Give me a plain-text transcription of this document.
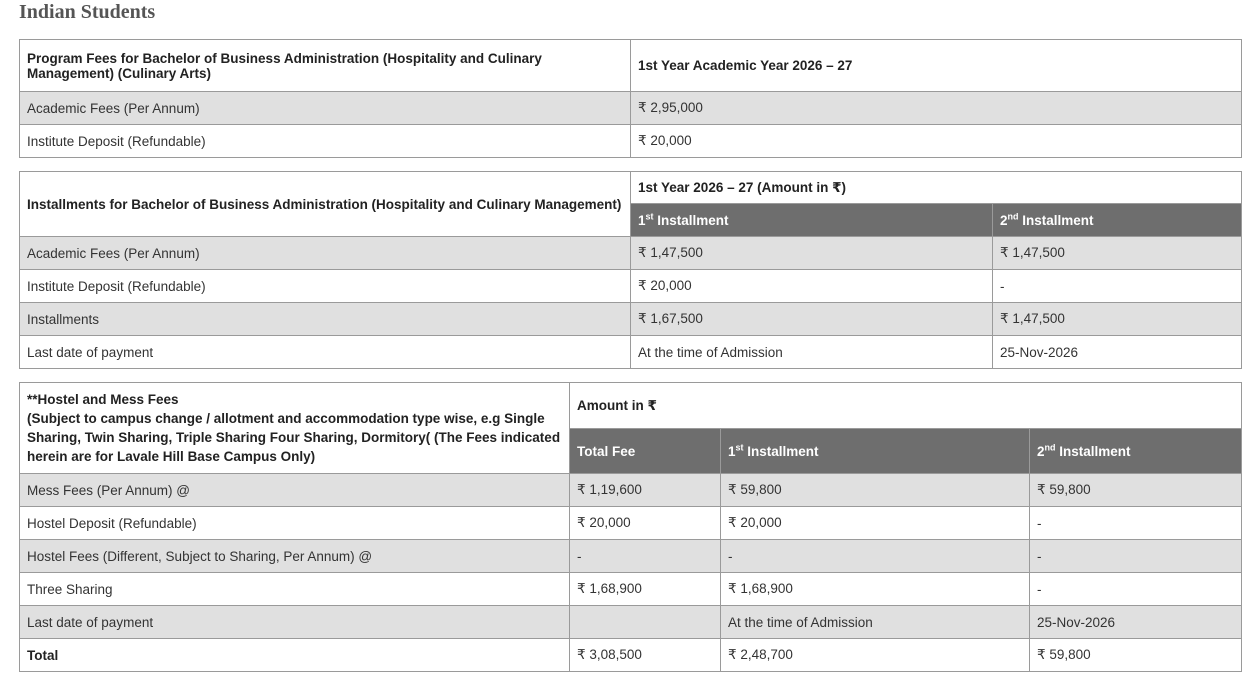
Indian Students
Program Fees for Bachelor of Business Administration (Hospitality and Culinary Management) (Culinary Arts)	1st Year Academic Year 2026 – 27
Academic Fees (Per Annum)	₹ 2,95,000
Institute Deposit (Refundable)	₹ 20,000
Installments for Bachelor of Business Administration (Hospitality and Culinary Management)	1st Year 2026 – 27 (Amount in ₹)	
	1st Installment	2nd Installment
Academic Fees (Per Annum)	₹ 1,47,500	₹ 1,47,500
Institute Deposit (Refundable)	₹ 20,000	-
Installments	₹ 1,67,500	₹ 1,47,500
Last date of payment	At the time of Admission	25-Nov-2026
**Hostel and Mess Fees
(Subject to campus change / allotment and accommodation type wise, e.g Single Sharing, Twin Sharing, Triple Sharing Four Sharing, Dormitory( (The Fees indicated herein are for Lavale Hill Base Campus Only)	Amount in ₹		
	Total Fee	1st Installment	2nd Installment
Mess Fees (Per Annum) @	₹ 1,19,600	₹ 59,800	₹ 59,800
Hostel Deposit (Refundable)	₹ 20,000	₹ 20,000	-
Hostel Fees (Different, Subject to Sharing, Per Annum) @	-	-	-
Three Sharing	₹ 1,68,900	₹ 1,68,900	-
Last date of payment		At the time of Admission	25-Nov-2026
Total	₹ 3,08,500	₹ 2,48,700	₹ 59,800
